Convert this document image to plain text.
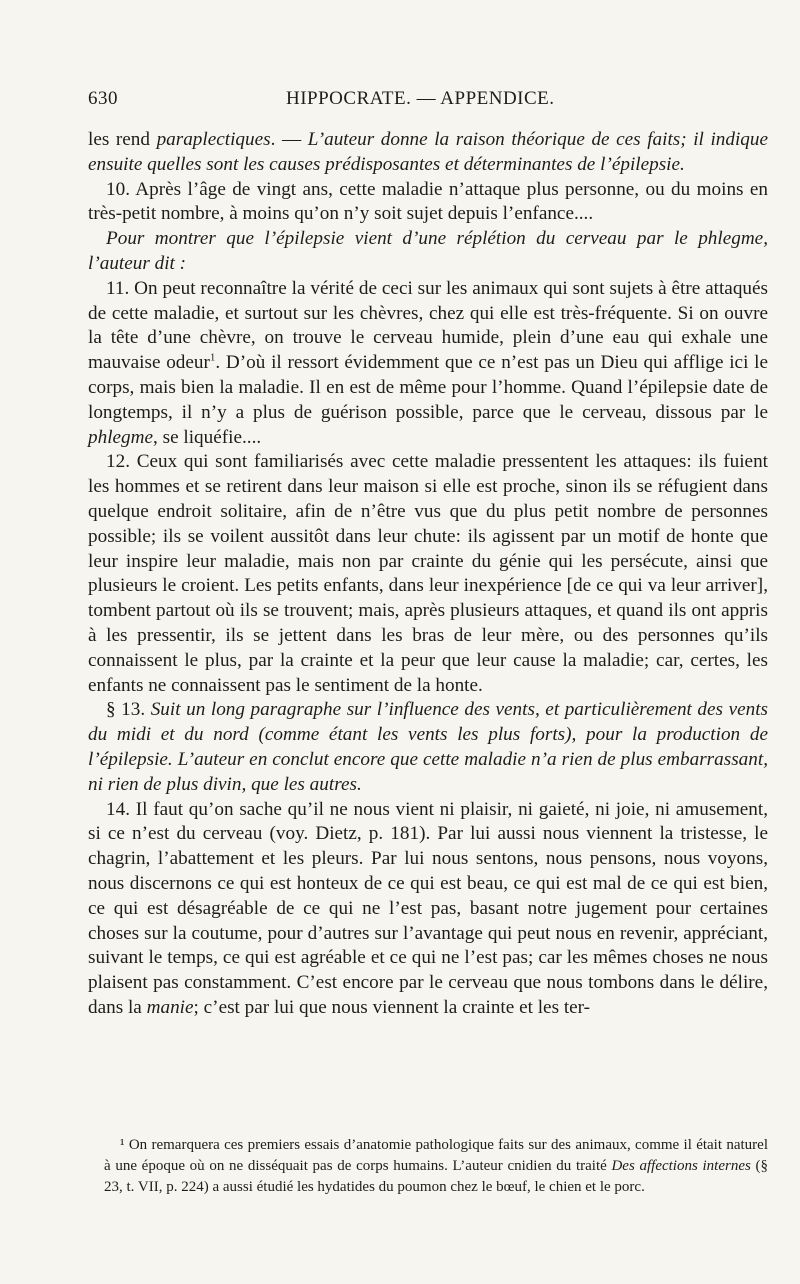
630	HIPPOCRATE. — APPENDICE.

les rend paraplectiques. — L’auteur donne la raison théorique de ces faits; il indique ensuite quelles sont les causes prédisposantes et déterminantes de l’épilepsie.

10. Après l’âge de vingt ans, cette maladie n’attaque plus personne, ou du moins en très-petit nombre, à moins qu’on n’y soit sujet depuis l’enfance....

Pour montrer que l’épilepsie vient d’une réplétion du cerveau par le phlegme, l’auteur dit :

11. On peut reconnaître la vérité de ceci sur les animaux qui sont sujets à être attaqués de cette maladie, et surtout sur les chèvres, chez qui elle est très-fréquente. Si on ouvre la tête d’une chèvre, on trouve le cerveau humide, plein d’une eau qui exhale une mauvaise odeur$^1$. D’où il ressort évidemment que ce n’est pas un Dieu qui afflige ici le corps, mais bien la maladie. Il en est de même pour l’homme. Quand l’épilepsie date de longtemps, il n’y a plus de guérison possible, parce que le cerveau, dissous par le phlegme, se liquéfie....

12. Ceux qui sont familiarisés avec cette maladie pressentent les attaques: ils fuient les hommes et se retirent dans leur maison si elle est proche, sinon ils se réfugient dans quelque endroit solitaire, afin de n’être vus que du plus petit nombre de personnes possible; ils se voilent aussitôt dans leur chute: ils agissent par un motif de honte que leur inspire leur maladie, mais non par crainte du génie qui les persécute, ainsi que plusieurs le croient. Les petits enfants, dans leur inexpérience [de ce qui va leur arriver], tombent partout où ils se trouvent; mais, après plusieurs attaques, et quand ils ont appris à les pressentir, ils se jettent dans les bras de leur mère, ou des personnes qu’ils connaissent le plus, par la crainte et la peur que leur cause la maladie; car, certes, les enfants ne connaissent pas le sentiment de la honte.

§ 13. Suit un long paragraphe sur l’influence des vents, et particulièrement des vents du midi et du nord (comme étant les vents les plus forts), pour la production de l’épilepsie. L’auteur en conclut encore que cette maladie n’a rien de plus embarrassant, ni rien de plus divin, que les autres.

14. Il faut qu’on sache qu’il ne nous vient ni plaisir, ni gaieté, ni joie, ni amusement, si ce n’est du cerveau (voy. Dietz, p. 181). Par lui aussi nous viennent la tristesse, le chagrin, l’abattement et les pleurs. Par lui nous sentons, nous pensons, nous voyons, nous discernons ce qui est honteux de ce qui est beau, ce qui est mal de ce qui est bien, ce qui est désagréable de ce qui ne l’est pas, basant notre jugement pour certaines choses sur la coutume, pour d’autres sur l’avantage qui peut nous en revenir, appréciant, suivant le temps, ce qui est agréable et ce qui ne l’est pas; car les mêmes choses ne nous plaisent pas constamment. C’est encore par le cerveau que nous tombons dans le délire, dans la manie; c’est par lui que nous viennent la crainte et les ter-

¹ On remarquera ces premiers essais d’anatomie pathologique faits sur des animaux, comme il était naturel à une époque où on ne disséquait pas de corps humains. L’auteur cnidien du traité Des affections internes (§ 23, t. VII, p. 224) a aussi étudié les hydatides du poumon chez le bœuf, le chien et le porc.
